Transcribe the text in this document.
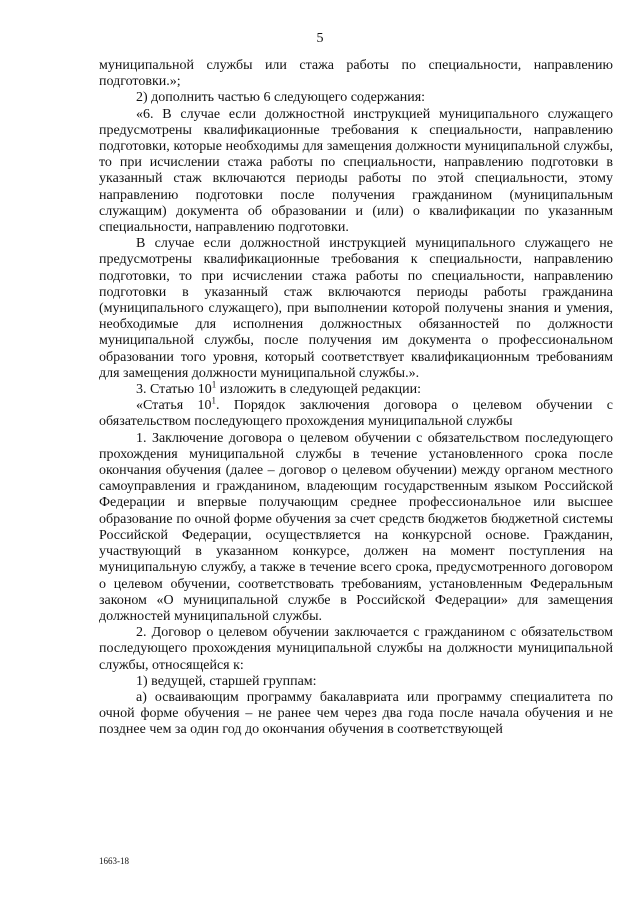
5

муниципальной службы или стажа работы по специальности, направлению подготовки.»;

2) дополнить частью 6 следующего содержания:

«6. В случае если должностной инструкцией муниципального служащего предусмотрены квалификационные требования к специальности, направлению подготовки, которые необходимы для замещения должности муниципальной службы, то при исчислении стажа работы по специальности, направлению подготовки в указанный стаж включаются периоды работы по этой специальности, этому направлению подготовки после получения гражданином (муниципальным служащим) документа об образовании и (или) о квалификации по указанным специальности, направлению подготовки.

В случае если должностной инструкцией муниципального служащего не предусмотрены квалификационные требования к специальности, направлению подготовки, то при исчислении стажа работы по специальности, направлению подготовки в указанный стаж включаются периоды работы гражданина (муниципального служащего), при выполнении которой получены знания и умения, необходимые для исполнения должностных обязанностей по должности муниципальной службы, после получения им документа о профессиональном образовании того уровня, который соответствует квалификационным требованиям для замещения должности муниципальной службы.».

3. Статью $10^1$ изложить в следующей редакции:

«Статья $10^1$. Порядок заключения договора о целевом обучении с обязательством последующего прохождения муниципальной службы

1. Заключение договора о целевом обучении с обязательством последующего прохождения муниципальной службы в течение установленного срока после окончания обучения (далее – договор о целевом обучении) между органом местного самоуправления и гражданином, владеющим государственным языком Российской Федерации и впервые получающим среднее профессиональное или высшее образование по очной форме обучения за счет средств бюджетов бюджетной системы Российской Федерации, осуществляется на конкурсной основе. Гражданин, участвующий в указанном конкурсе, должен на момент поступления на муниципальную службу, а также в течение всего срока, предусмотренного договором о целевом обучении, соответствовать требованиям, установленным Федеральным законом «О муниципальной службе в Российской Федерации» для замещения должностей муниципальной службы.

2. Договор о целевом обучении заключается с гражданином с обязательством последующего прохождения муниципальной службы на должности муниципальной службы, относящейся к:

1) ведущей, старшей группам:

а) осваивающим программу бакалавриата или программу специалитета по очной форме обучения – не ранее чем через два года после начала обучения и не позднее чем за один год до окончания обучения в соответствующей

1663-18
